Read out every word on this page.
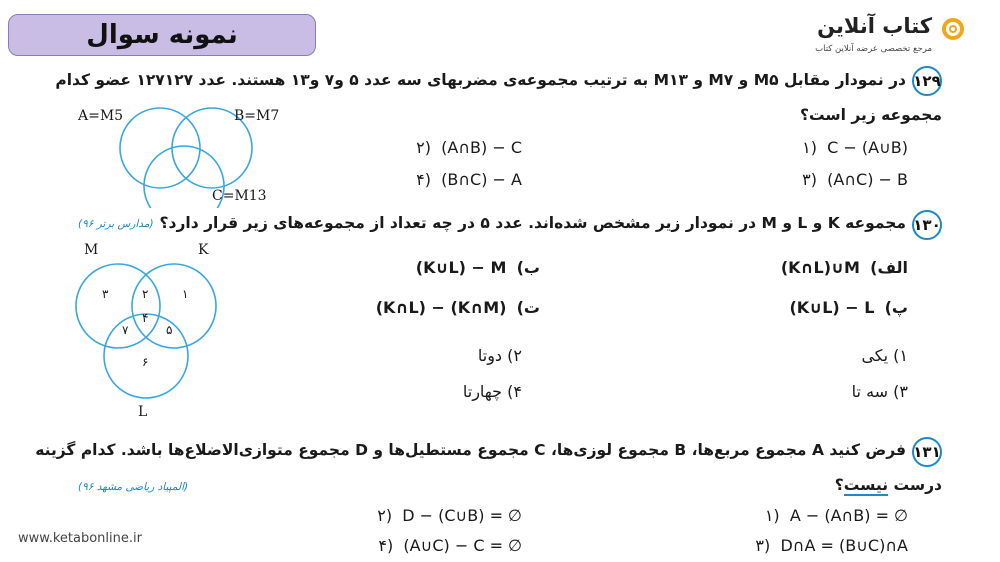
نمونه سوال	کتاب آنلاین
مرجع تخصصی عرضه آنلاین کتاب
۱۲۹
در نمودار مقابل M۵ و M۷ و M۱۳ به ترتیب مجموعه‌ی مضربهای سه عدد ۵ و۷ و۱۳ هستند. عدد ۱۲۷۱۲۷ عضو کدام
مجموعه زیر است؟
A=M5	B=M7
C=M13
۱) C − (A∪B)
۲) (A∩B) − C
۳) (A∩C) − B
۴) (B∩C) − A
۱۳۰
مجموعه K و L و M در نمودار زیر مشخص شده‌اند. عدد ۵ در چه تعداد از مجموعه‌های زیر قرار دارد؟
(مدارس برتر ۹۶)
M	K
L
۳	۲	۱
۴
۷	۵
۶
الف)  (K∩L)∪M
ب)  (K∪L) − M
پ)  (K∪L) − L
ت)  (K∩L) − (K∩M)
۱) یکی
۲) دوتا
۳) سه تا
۴) چهارتا
۱۳۱
فرض کنید A مجموع مربع‌ها، B مجموع لوزی‌ها، C مجموع مستطیل‌ها و D مجموع متوازی‌الاضلاع‌ها باشد. کدام گزینه
(المپیاد ریاضی مشهد ۹۶)	درست نیست؟
۱) A − (A∩B) = ∅
۲) D − (C∪B) = ∅
۳) D∩A = (B∪C)∩A
۴) (A∪C) − C = ∅
www.ketabonline.ir
